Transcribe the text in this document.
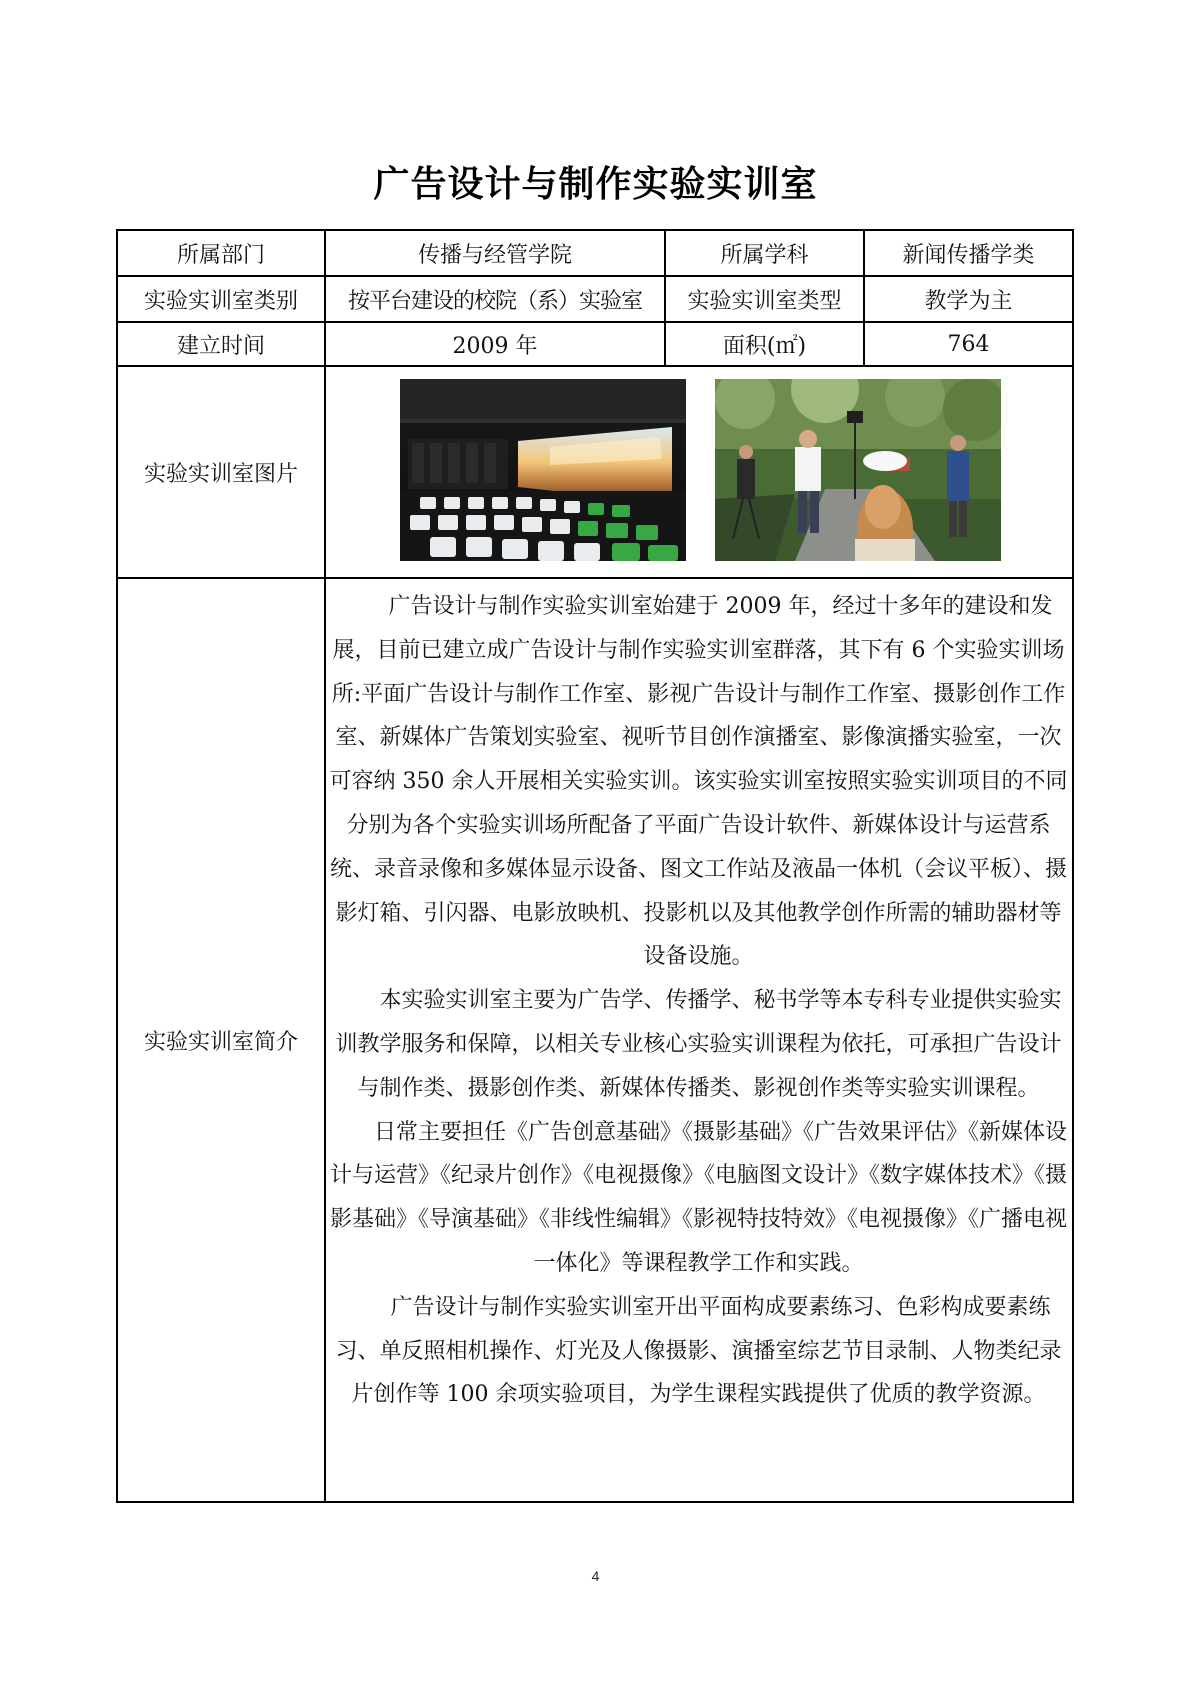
广告设计与制作实验实训室
所属部门	传播与经管学院	所属学科	新闻传播学类
实验实训室类别	按平台建设的校院（系）实验室	实验实训室类型	教学为主
建立时间	2009 年	面积(㎡)	764
实验实训室图片	

实验实训室简介	广告设计与制作实验实训室始建于 2009 年，经过十多年的建设和发展，目前已建立成广告设计与制作实验实训室群落，其下有 6 个实验实训场所:平面广告设计与制作工作室、影视广告设计与制作工作室、摄影创作工作室、新媒体广告策划实验室、视听节目创作演播室、影像演播实验室，一次可容纳 350 余人开展相关实验实训。该实验实训室按照实验实训项目的不同分别为各个实验实训场所配备了平面广告设计软件、新媒体设计与运营系统、录音录像和多媒体显示设备、图文工作站及液晶一体机（会议平板）、摄影灯箱、引闪器、电影放映机、投影机以及其他教学创作所需的辅助器材等设备设施。

本实验实训室主要为广告学、传播学、秘书学等本专科专业提供实验实训教学服务和保障，以相关专业核心实验实训课程为依托，可承担广告设计与制作类、摄影创作类、新媒体传播类、影视创作类等实验实训课程。

日常主要担任《广告创意基础》《摄影基础》《广告效果评估》《新媒体设计与运营》《纪录片创作》《电视摄像》《电脑图文设计》《数字媒体技术》《摄影基础》《导演基础》《非线性编辑》《影视特技特效》《电视摄像》《广播电视一体化》等课程教学工作和实践。

广告设计与制作实验实训室开出平面构成要素练习、色彩构成要素练习、单反照相机操作、灯光及人像摄影、演播室综艺节目录制、人物类纪录片创作等 100 余项实验项目，为学生课程实践提供了优质的教学资源。		

4
